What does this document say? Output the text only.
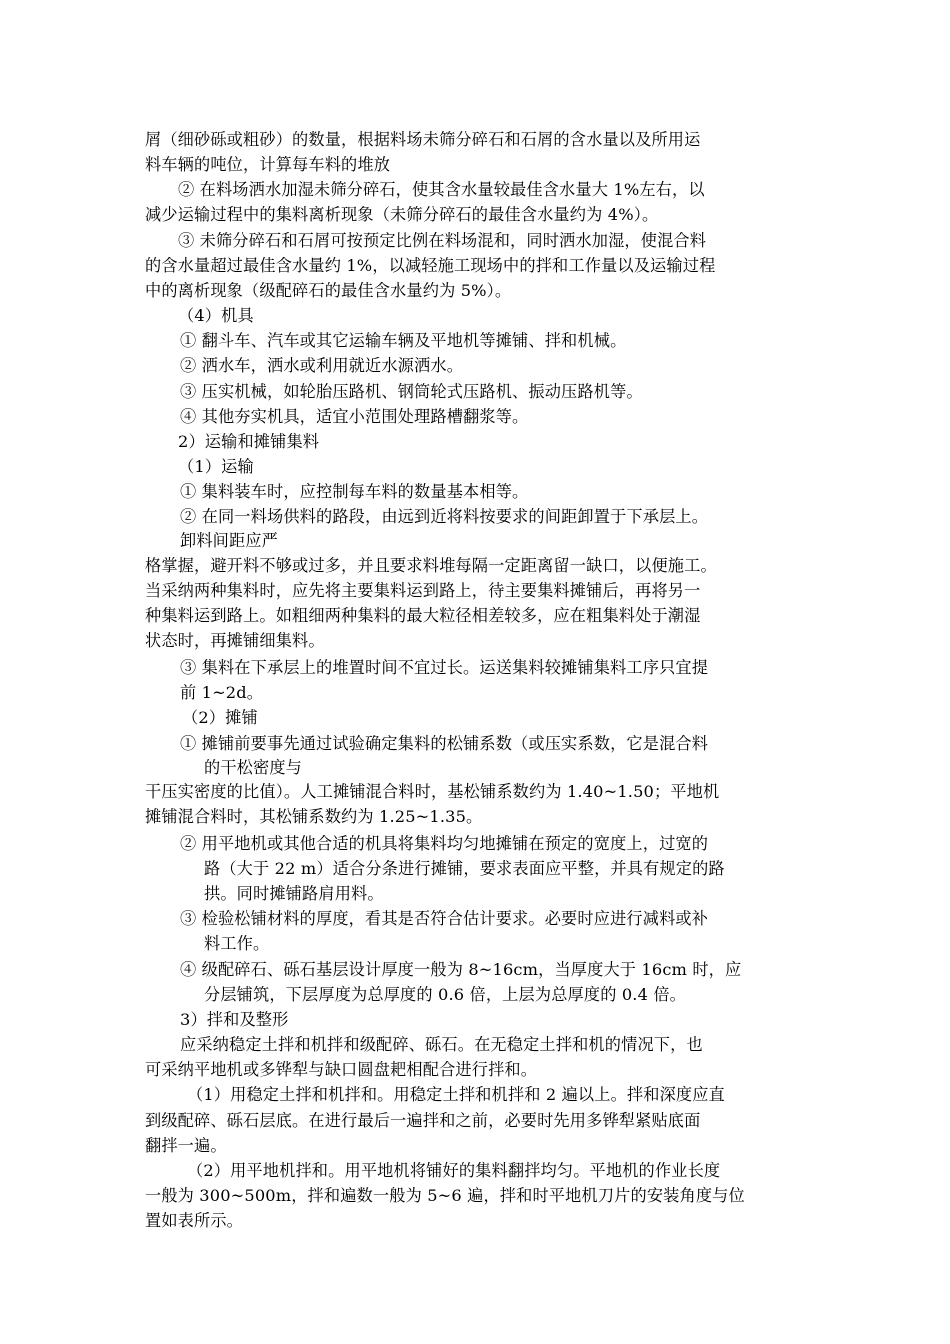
屑（细砂砾或粗砂）的数量，根据料场未筛分碎石和石屑的含水量以及所用运

料车辆的吨位，计算每车料的堆放

② 在料场洒水加湿未筛分碎石，使其含水量较最佳含水量大 1%左右，以

减少运输过程中的集料离析现象（未筛分碎石的最佳含水量约为 4%）。

③ 未筛分碎石和石屑可按预定比例在料场混和，同时洒水加湿，使混合料

的含水量超过最佳含水量约 1%，以减轻施工现场中的拌和工作量以及运输过程

中的离析现象（级配碎石的最佳含水量约为 5%）。

（4）机具

① 翻斗车、汽车或其它运输车辆及平地机等摊铺、拌和机械。

② 洒水车，洒水或利用就近水源洒水。

③ 压实机械，如轮胎压路机、钢筒轮式压路机、振动压路机等。

④ 其他夯实机具，适宜小范围处理路槽翻浆等。

2）运输和摊铺集料

（1）运输

① 集料装车时，应控制每车料的数量基本相等。

② 在同一料场供料的路段，由远到近将料按要求的间距卸置于下承层上。

卸料间距应严

格掌握，避开料不够或过多，并且要求料堆每隔一定距离留一缺口，以便施工。

当采纳两种集料时，应先将主要集料运到路上，待主要集料摊铺后，再将另一

种集料运到路上。如粗细两种集料的最大粒径相差较多，应在粗集料处于潮湿

状态时，再摊铺细集料。

③ 集料在下承层上的堆置时间不宜过长。运送集料较摊铺集料工序只宜提

前 1~2d。

（2）摊铺

① 摊铺前要事先通过试验确定集料的松铺系数（或压实系数，它是混合料

的干松密度与

干压实密度的比值）。人工摊铺混合料时，基松铺系数约为 1.40~1.50；平地机

摊铺混合料时，其松铺系数约为 1.25~1.35。

② 用平地机或其他合适的机具将集料均匀地摊铺在预定的宽度上，过宽的

路（大于 22 m）适合分条进行摊铺，要求表面应平整，并具有规定的路

拱。同时摊铺路肩用料。

③ 检验松铺材料的厚度，看其是否符合估计要求。必要时应进行减料或补

料工作。

④ 级配碎石、砾石基层设计厚度一般为 8~16cm，当厚度大于 16cm 时，应

分层铺筑，下层厚度为总厚度的 0.6 倍，上层为总厚度的 0.4 倍。

3）拌和及整形

应采纳稳定土拌和机拌和级配碎、砾石。在无稳定土拌和机的情况下，也

可采纳平地机或多铧犁与缺口圆盘耙相配合进行拌和。

（1）用稳定土拌和机拌和。用稳定土拌和机拌和 2 遍以上。拌和深度应直

到级配碎、砾石层底。在进行最后一遍拌和之前，必要时先用多铧犁紧贴底面

翻拌一遍。

（2）用平地机拌和。用平地机将铺好的集料翻拌均匀。平地机的作业长度

一般为 300~500m，拌和遍数一般为 5~6 遍，拌和时平地机刀片的安装角度与位

置如表所示。
